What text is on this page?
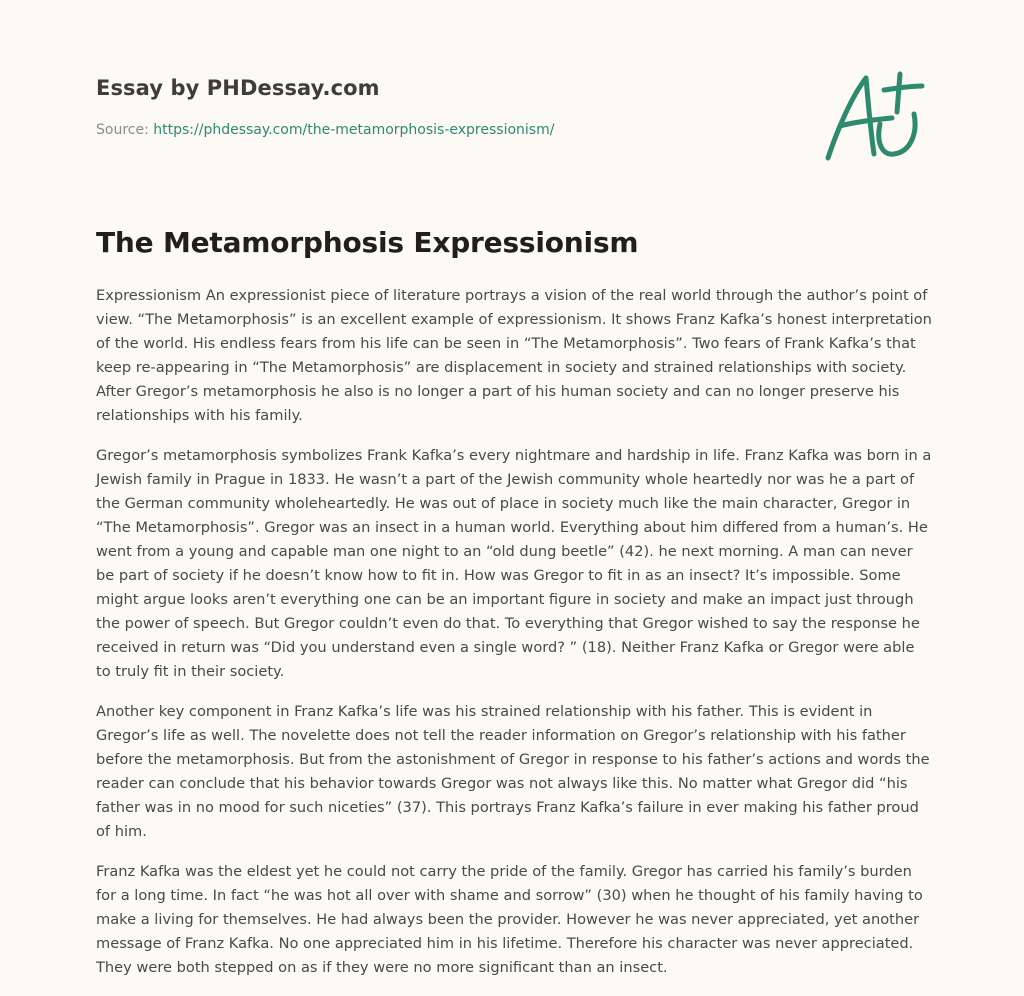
Essay by PHDessay.com
Source: https://phdessay.com/the-metamorphosis-expressionism/
The Metamorphosis Expressionism

Expressionism An expressionist piece of literature portrays a vision of the real world through the author’s point of view. “The Metamorphosis” is an excellent example of expressionism. It shows Franz Kafka’s honest interpretation of the world. His endless fears from his life can be seen in “The Metamorphosis”. Two fears of Frank Kafka’s that keep re-appearing in “The Metamorphosis” are displacement in society and strained relationships with society. After Gregor’s metamorphosis he also is no longer a part of his human society and can no longer preserve his relationships with his family.

Gregor’s metamorphosis symbolizes Frank Kafka’s every nightmare and hardship in life. Franz Kafka was born in a Jewish family in Prague in 1833. He wasn’t a part of the Jewish community whole heartedly nor was he a part of the German community wholeheartedly. He was out of place in society much like the main character, Gregor in “The Metamorphosis”. Gregor was an insect in a human world. Everything about him differed from a human’s. He went from a young and capable man one night to an “old dung beetle” (42). he next morning. A man can never be part of society if he doesn’t know how to fit in. How was Gregor to fit in as an insect? It’s impossible. Some might argue looks aren’t everything one can be an important figure in society and make an impact just through the power of speech. But Gregor couldn’t even do that. To everything that Gregor wished to say the response he received in return was “Did you understand even a single word? ” (18). Neither Franz Kafka or Gregor were able to truly fit in their society.

Another key component in Franz Kafka’s life was his strained relationship with his father. This is evident in Gregor’s life as well. The novelette does not tell the reader information on Gregor’s relationship with his father before the metamorphosis. But from the astonishment of Gregor in response to his father’s actions and words the reader can conclude that his behavior towards Gregor was not always like this. No matter what Gregor did “his father was in no mood for such niceties” (37). This portrays Franz Kafka’s failure in ever making his father proud of him.

Franz Kafka was the eldest yet he could not carry the pride of the family. Gregor has carried his family’s burden for a long time. In fact “he was hot all over with shame and sorrow” (30) when he thought of his family having to make a living for themselves. He had always been the provider. However he was never appreciated, yet another message of Franz Kafka. No one appreciated him in his lifetime. Therefore his character was never appreciated. They were both stepped on as if they were no more significant than an insect.
